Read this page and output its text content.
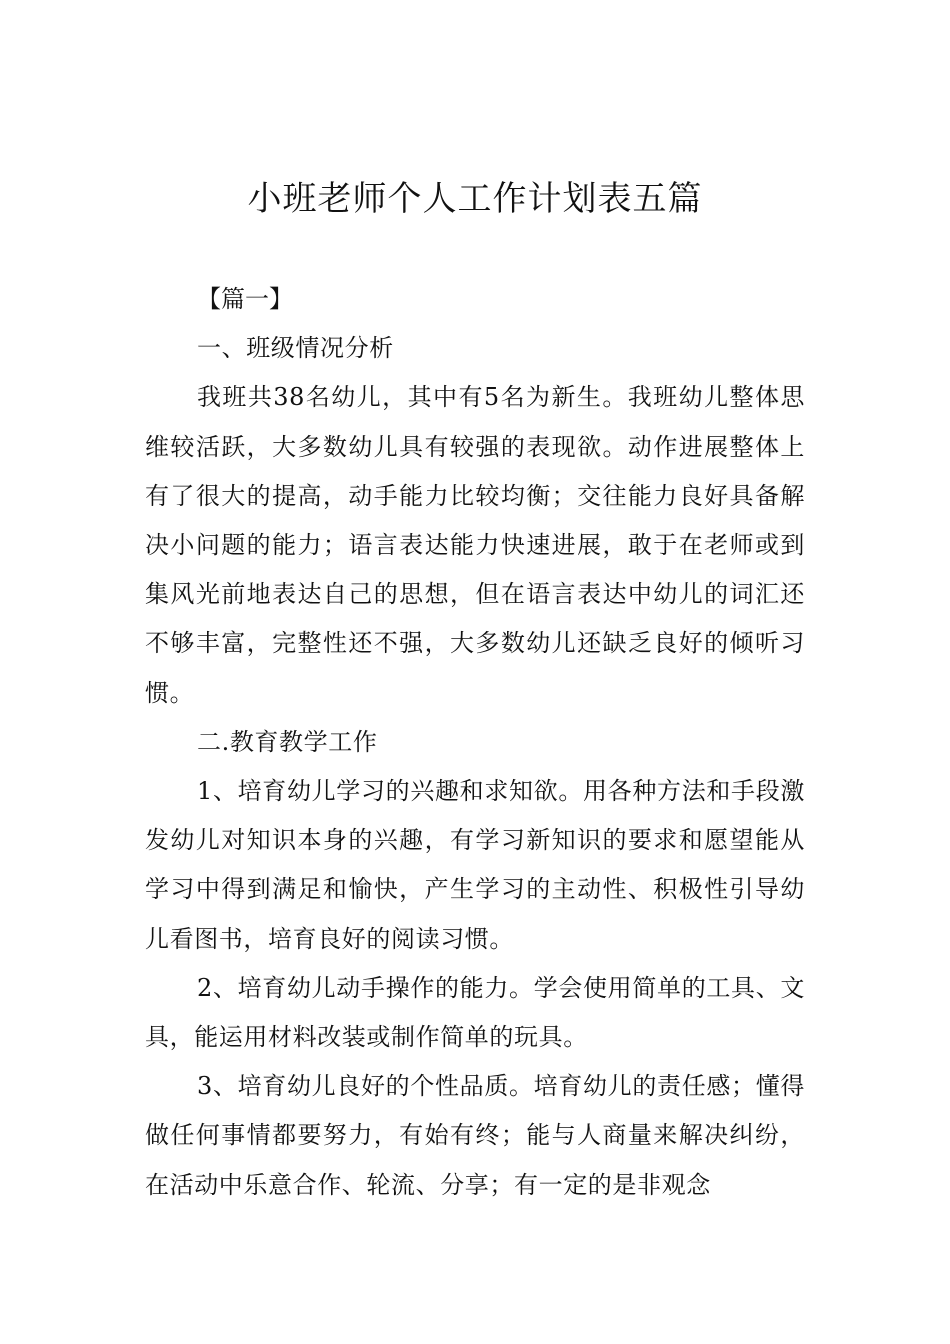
小班老师个人工作计划表五篇

【篇一】

一、班级情况分析

我班共38名幼儿，其中有5名为新生。我班幼儿整体思维较活跃，大多数幼儿具有较强的表现欲。动作进展整体上有了很大的提高，动手能力比较均衡；交往能力良好具备解决小问题的能力；语言表达能力快速进展，敢于在老师或到集风光前地表达自己的思想，但在语言表达中幼儿的词汇还不够丰富，完整性还不强，大多数幼儿还缺乏良好的倾听习惯。

二.教育教学工作

1、培育幼儿学习的兴趣和求知欲。用各种方法和手段激发幼儿对知识本身的兴趣，有学习新知识的要求和愿望能从学习中得到满足和愉快，产生学习的主动性、积极性引导幼儿看图书，培育良好的阅读习惯。

2、培育幼儿动手操作的能力。学会使用简单的工具、文具，能运用材料改装或制作简单的玩具。

3、培育幼儿良好的个性品质。培育幼儿的责任感；懂得做任何事情都要努力，有始有终；能与人商量来解决纠纷，在活动中乐意合作、轮流、分享；有一定的是非观念
